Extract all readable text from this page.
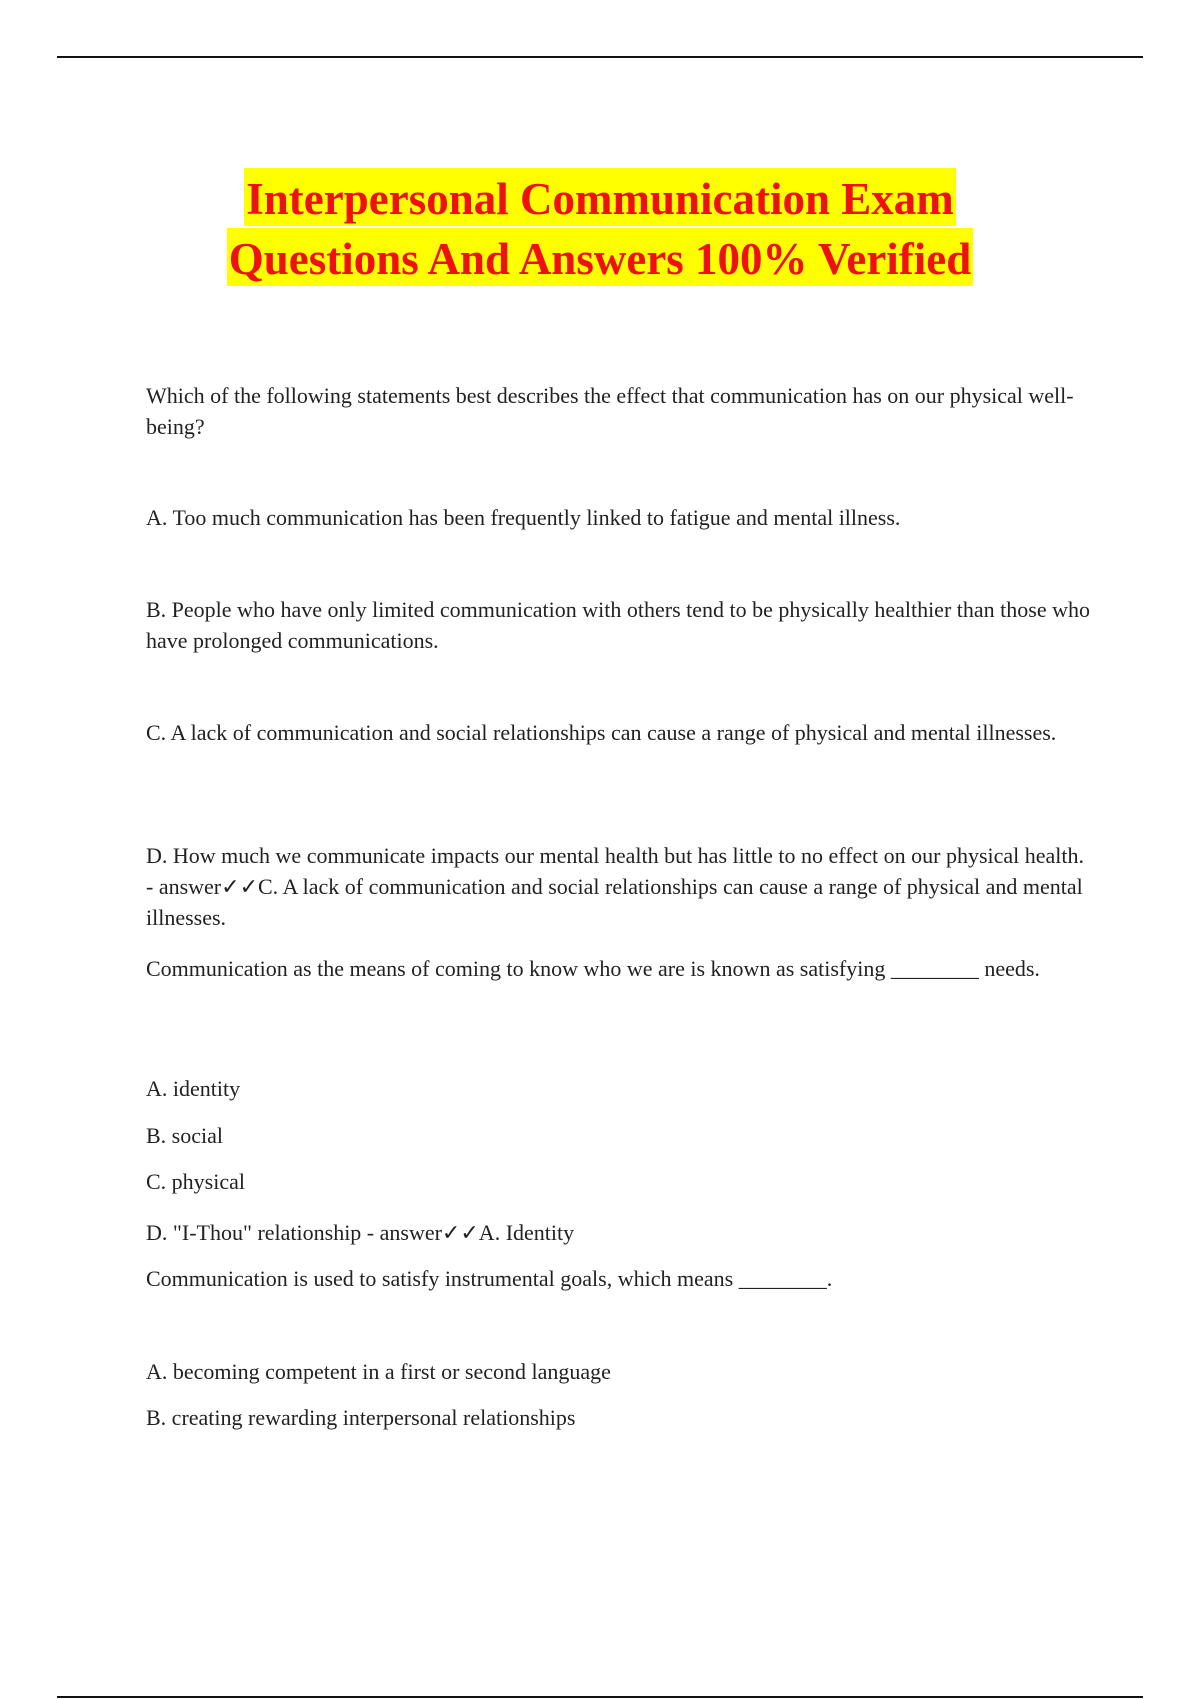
Interpersonal Communication Exam
Questions And Answers 100% Verified

Which of the following statements best describes the effect that communication has on our physical well-being?

A. Too much communication has been frequently linked to fatigue and mental illness.

B. People who have only limited communication with others tend to be physically healthier than those who have prolonged communications.

C. A lack of communication and social relationships can cause a range of physical and mental illnesses.

D. How much we communicate impacts our mental health but has little to no effect on our physical health. - answer✓✓C. A lack of communication and social relationships can cause a range of physical and mental illnesses.

Communication as the means of coming to know who we are is known as satisfying ________ needs.

A. identity

B. social

C. physical

D. "I-Thou" relationship - answer✓✓A. Identity

Communication is used to satisfy instrumental goals, which means ________.

A. becoming competent in a first or second language

B. creating rewarding interpersonal relationships
